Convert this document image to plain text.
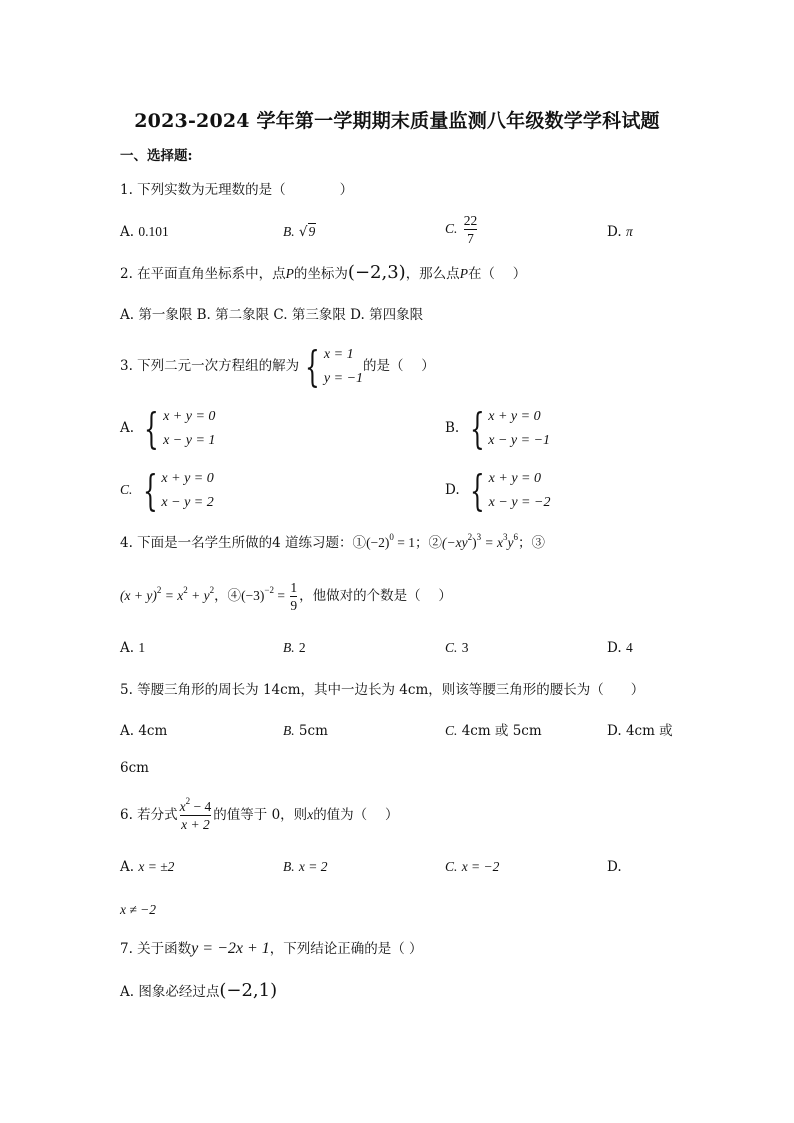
2023-2024 学年第一学期期末质量监测八年级数学学科试题
一、选择题:
1. 下列实数为无理数的是（　　　　）
A. 0.101	B. √9	C. $\frac{22}{7}$	D. π
2. 在平面直角坐标系中，点P的坐标为(−2,3)，那么点P在（　 ）
A. 第一象限 B. 第二象限 C. 第三象限 D. 第四象限
3. 下列二元一次方程组的解为 { x = 1
y = −1
的是（　 ）
A. { x + y = 0
x − y = 1
B. { x + y = 0
x − y = −1
C. { x + y = 0
x − y = 2
D. { x + y = 0
x − y = −2
4. 下面是一名学生所做的4 道练习题：$①(-2)^0 = 1$；$②(-xy^2)^3 = x^3y^6$；③
$(x + y)^2 = x^2 + y^2$，$④(-3)^{-2} = \frac{1}{9}$ ，他做对的个数是（　 ）
A. 1	B. 2	C. 3	D. 4
5. 等腰三角形的周长为 14cm，其中一边长为 4cm，则该等腰三角形的腰长为（　　）
A. 4cm	B. 5cm	C. 4cm 或 5cm	D. 4cm 或
6cm
6. 若分式 $\frac{x^2 - 4}{x + 2}$ 的值等于 0，则x的值为（　 ）
A. x = ±2	B. x = 2	C. x = −2	D.
x ≠ −2
7. 关于函数y = −2x + 1，下列结论正确的是（ ）
A. 图象必经过点(−2,1)
